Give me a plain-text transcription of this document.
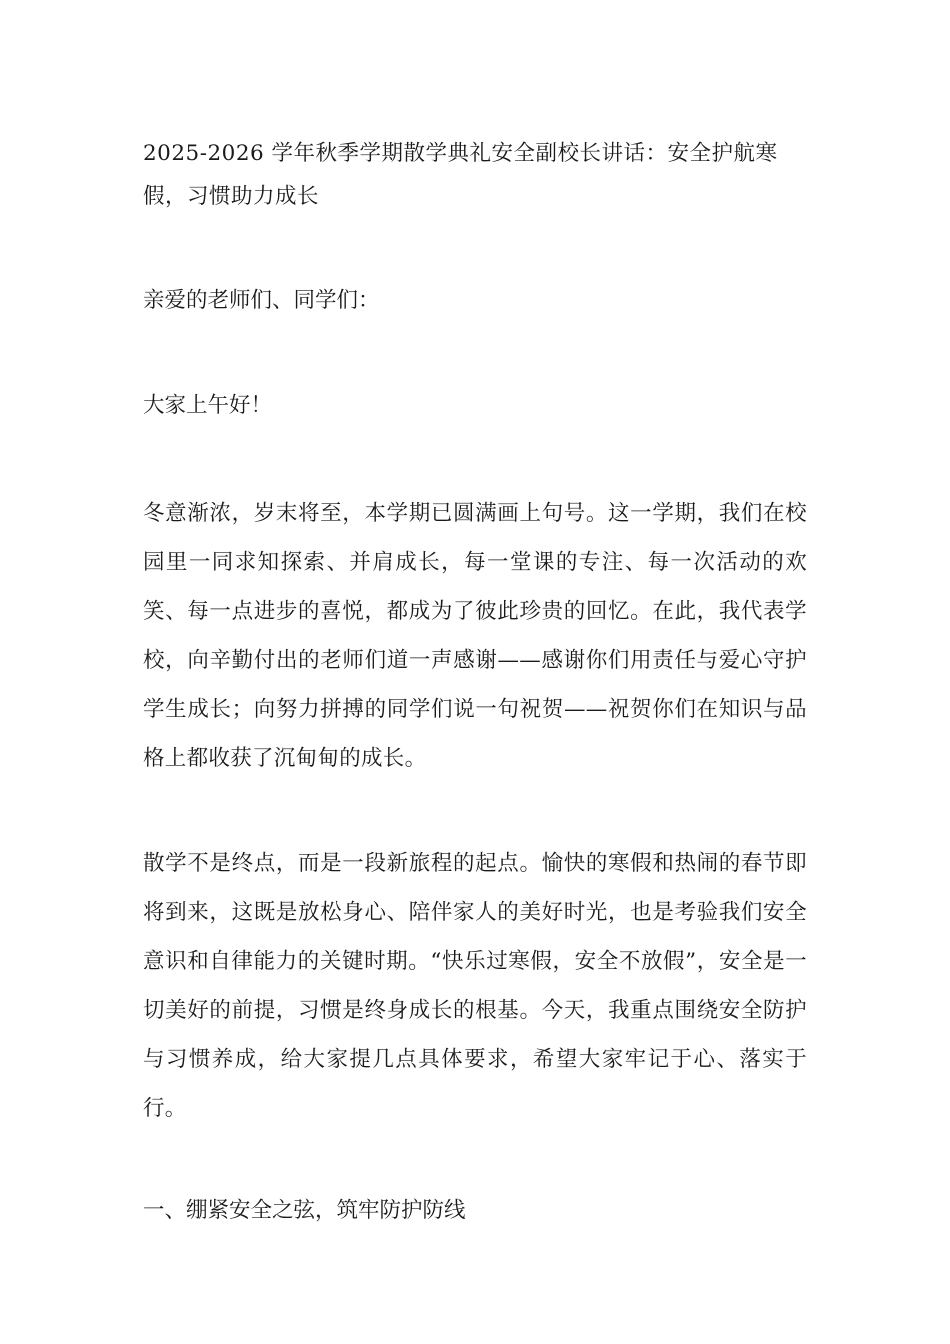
2025-2026 学年秋季学期散学典礼安全副校长讲话：安全护航寒假，习惯助力成长

亲爱的老师们、同学们：

大家上午好！

冬意渐浓，岁末将至，本学期已圆满画上句号。这一学期，我们在校园里一同求知探索、并肩成长，每一堂课的专注、每一次活动的欢笑、每一点进步的喜悦，都成为了彼此珍贵的回忆。在此，我代表学校，向辛勤付出的老师们道一声感谢——感谢你们用责任与爱心守护学生成长；向努力拼搏的同学们说一句祝贺——祝贺你们在知识与品格上都收获了沉甸甸的成长。

散学不是终点，而是一段新旅程的起点。愉快的寒假和热闹的春节即将到来，这既是放松身心、陪伴家人的美好时光，也是考验我们安全意识和自律能力的关键时期。“快乐过寒假，安全不放假”，安全是一切美好的前提，习惯是终身成长的根基。今天，我重点围绕安全防护与习惯养成，给大家提几点具体要求，希望大家牢记于心、落实于行。

一、绷紧安全之弦，筑牢防护防线
